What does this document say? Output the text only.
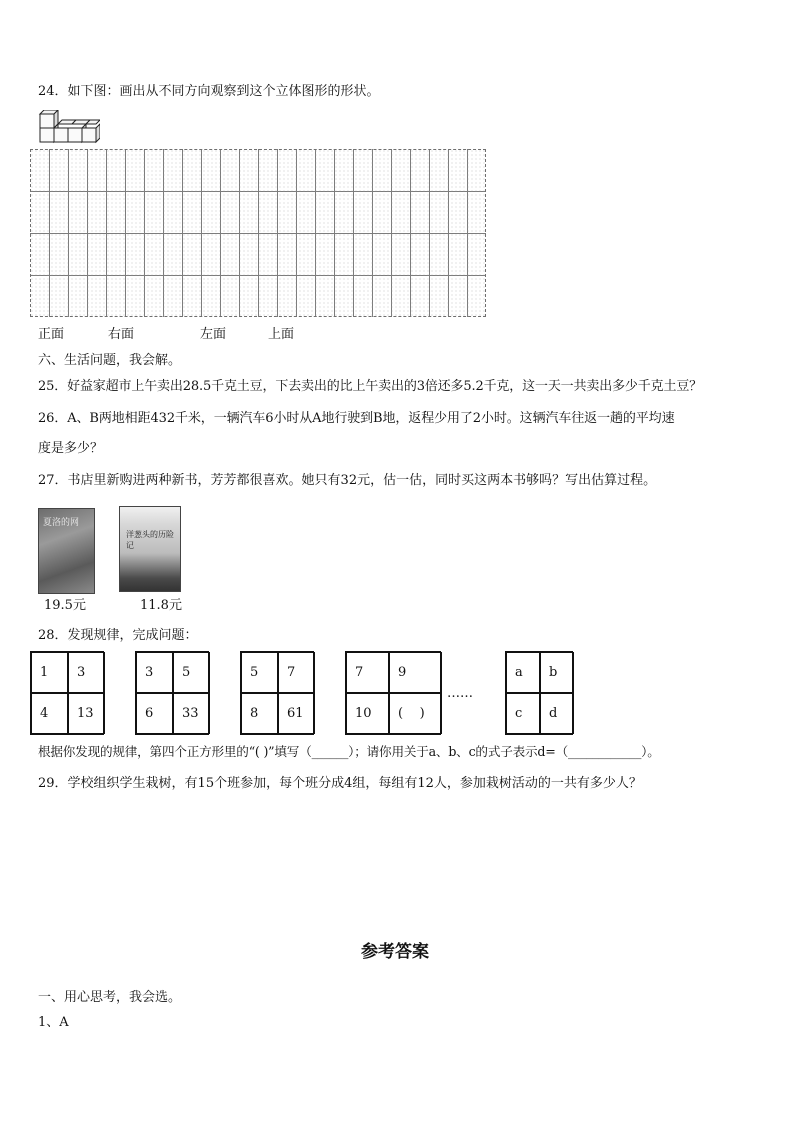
24．如下图：画出从不同方向观察到这个立体图形的形状。
正面	右面	左面	上面
六、生活问题，我会解。
25．好益家超市上午卖出28.5千克土豆，下去卖出的比上午卖出的3倍还多5.2千克，这一天一共卖出多少千克土豆？
26．A、B两地相距432千米，一辆汽车6小时从A地行驶到B地，返程少用了2小时。这辆汽车往返一趟的平均速
度是多少？
27．书店里新购进两种新书，芳芳都很喜欢。她只有32元，估一估，同时买这两本书够吗？写出估算过程。
夏洛的网
洋葱头的历险记
19.5元	11.8元
28．发现规律，完成问题：
1	3
4	13
3	5
6	33
5	7
8	61
7	9
10	(    )
……
a	b
c	d
根据你发现的规律，第四个正方形里的“( )”填写（______）；请你用关于a、b、c的式子表示d=（____________）。
29．学校组织学生栽树，有15个班参加，每个班分成4组，每组有12人，参加栽树活动的一共有多少人？
参考答案
一、用心思考，我会选。
1、A
